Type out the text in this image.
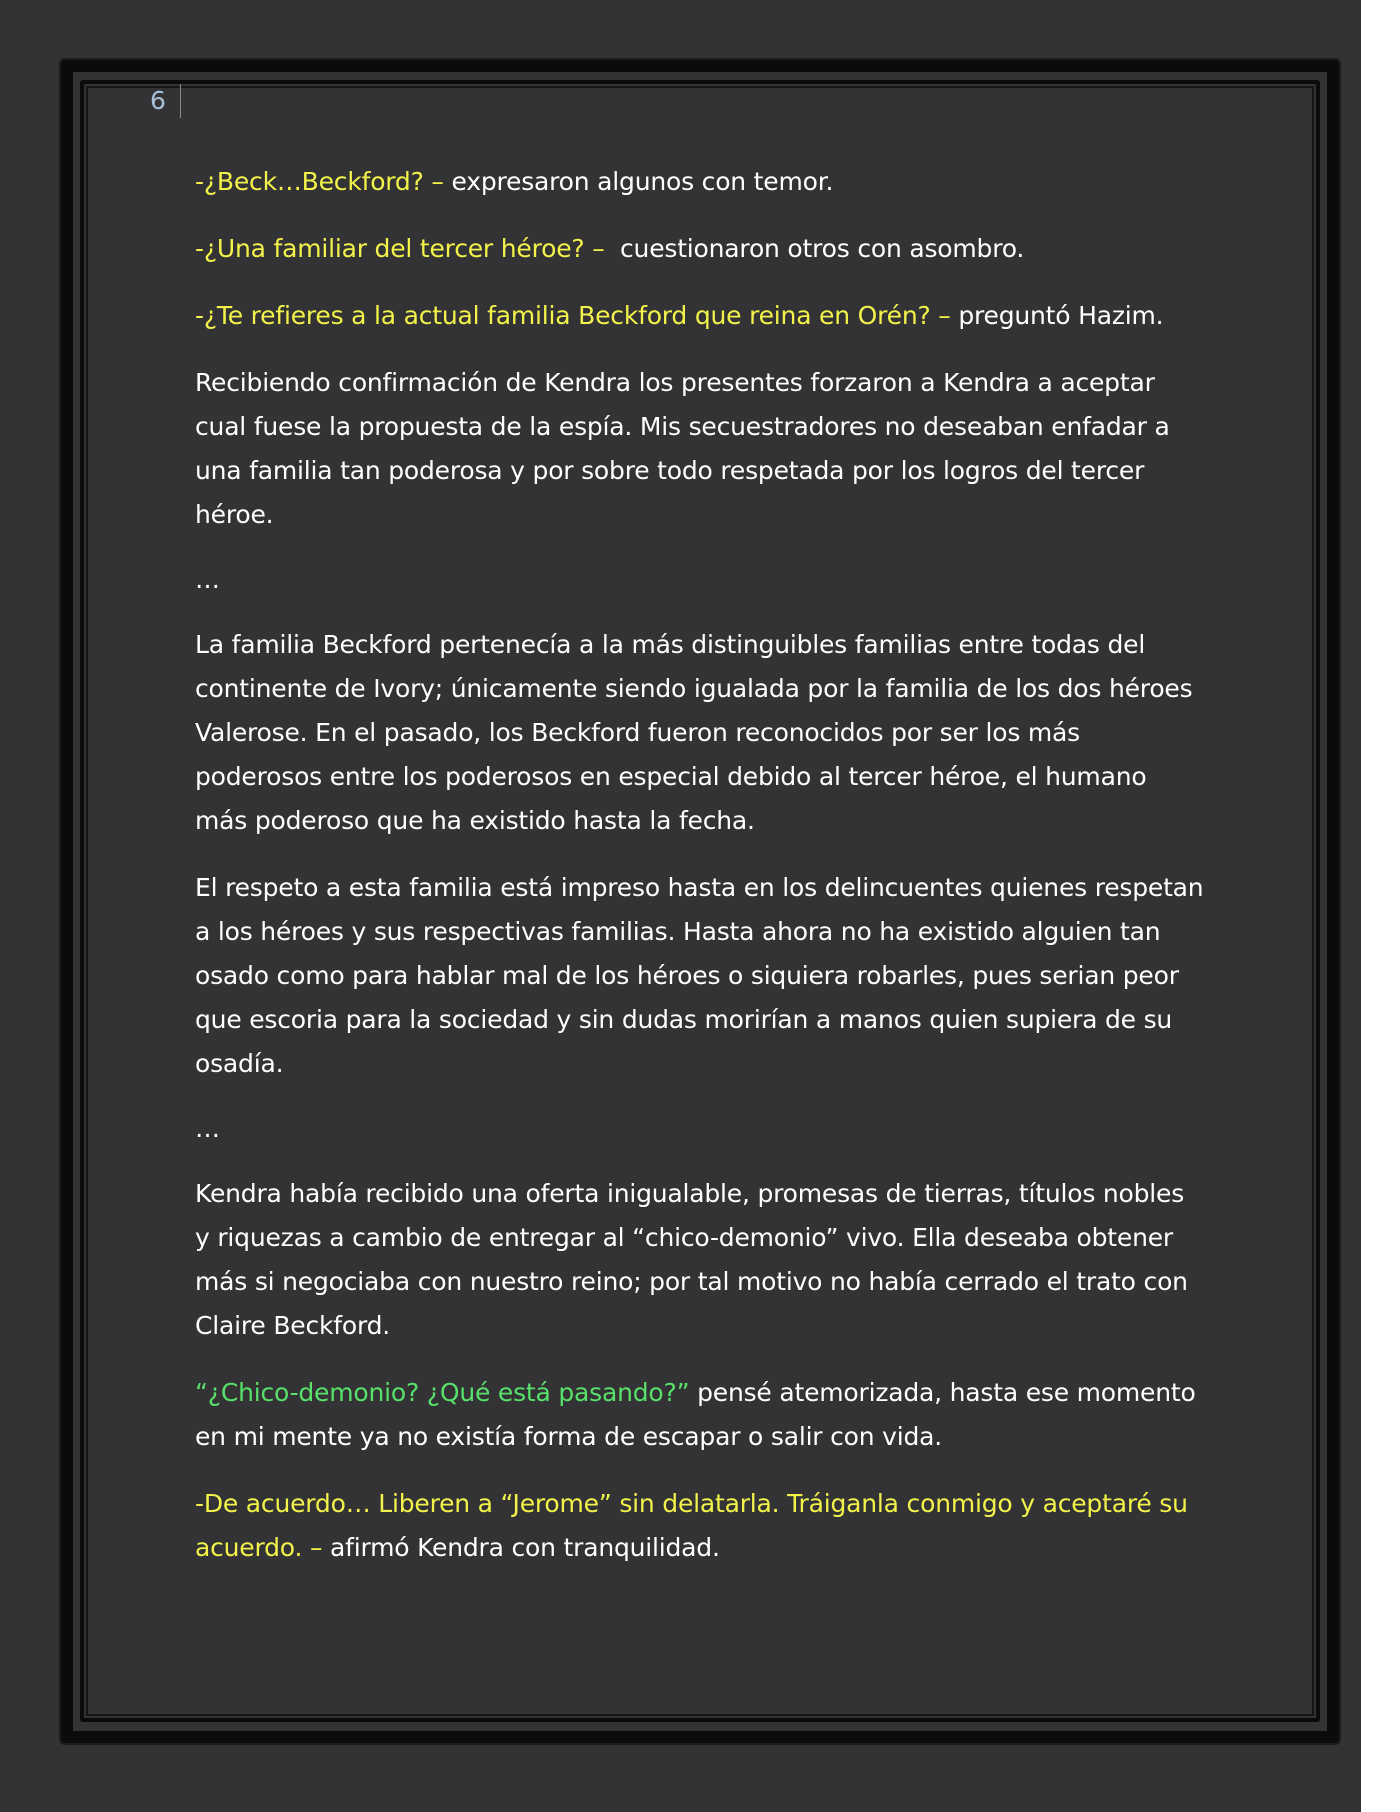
6

-¿Beck…Beckford? – expresaron algunos con temor.

-¿Una familiar del tercer héroe? –  cuestionaron otros con asombro.

-¿Te refieres a la actual familia Beckford que reina en Orén? – preguntó Hazim.

Recibiendo confirmación de Kendra los presentes forzaron a Kendra a aceptar cual fuese la propuesta de la espía. Mis secuestradores no deseaban enfadar a una familia tan poderosa y por sobre todo respetada por los logros del tercer héroe.

…

La familia Beckford pertenecía a la más distinguibles familias entre todas del continente de Ivory; únicamente siendo igualada por la familia de los dos héroes Valerose. En el pasado, los Beckford fueron reconocidos por ser los más poderosos entre los poderosos en especial debido al tercer héroe, el humano más poderoso que ha existido hasta la fecha.

El respeto a esta familia está impreso hasta en los delincuentes quienes respetan a los héroes y sus respectivas familias. Hasta ahora no ha existido alguien tan osado como para hablar mal de los héroes o siquiera robarles, pues serian peor que escoria para la sociedad y sin dudas morirían a manos quien supiera de su osadía.

…

Kendra había recibido una oferta inigualable, promesas de tierras, títulos nobles y riquezas a cambio de entregar al “chico-demonio” vivo. Ella deseaba obtener más si negociaba con nuestro reino; por tal motivo no había cerrado el trato con Claire Beckford.

“¿Chico-demonio? ¿Qué está pasando?” pensé atemorizada, hasta ese momento en mi mente ya no existía forma de escapar o salir con vida.

-De acuerdo… Liberen a “Jerome” sin delatarla. Tráiganla conmigo y aceptaré su acuerdo. – afirmó Kendra con tranquilidad.
